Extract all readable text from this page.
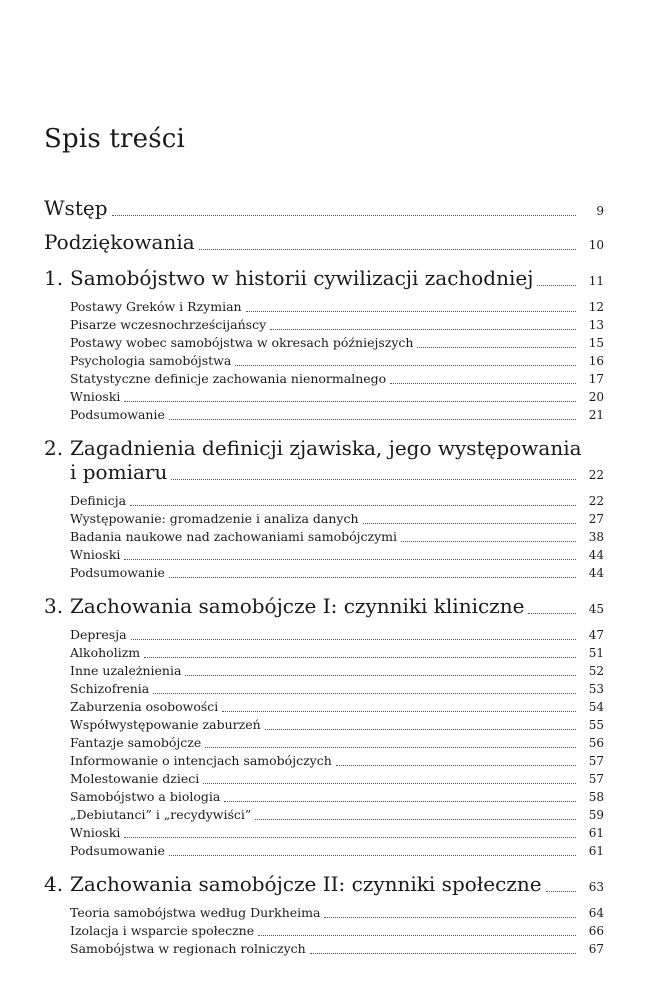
Spis treści
Wstęp	9
Podziękowania	10
1. Samobójstwo w historii cywilizacji zachodniej	11
Postawy Greków i Rzymian	12
Pisarze wczesnochrześcijańscy	13
Postawy wobec samobójstwa w okresach późniejszych	15
Psychologia samobójstwa	16
Statystyczne definicje zachowania nienormalnego	17
Wnioski	20
Podsumowanie	21
2. Zagadnienia definicji zjawiska, jego występowania
i pomiaru	22
Definicja	22
Występowanie: gromadzenie i analiza danych	27
Badania naukowe nad zachowaniami samobójczymi	38
Wnioski	44
Podsumowanie	44
3. Zachowania samobójcze I: czynniki kliniczne	45
Depresja	47
Alkoholizm	51
Inne uzależnienia	52
Schizofrenia	53
Zaburzenia osobowości	54
Współwystępowanie zaburzeń	55
Fantazje samobójcze	56
Informowanie o intencjach samobójczych	57
Molestowanie dzieci	57
Samobójstwo a biologia	58
„Debiutanci” i „recydywiści”	59
Wnioski	61
Podsumowanie	61
4. Zachowania samobójcze II: czynniki społeczne	63
Teoria samobójstwa według Durkheima	64
Izolacja i wsparcie społeczne	66
Samobójstwa w regionach rolniczych	67
